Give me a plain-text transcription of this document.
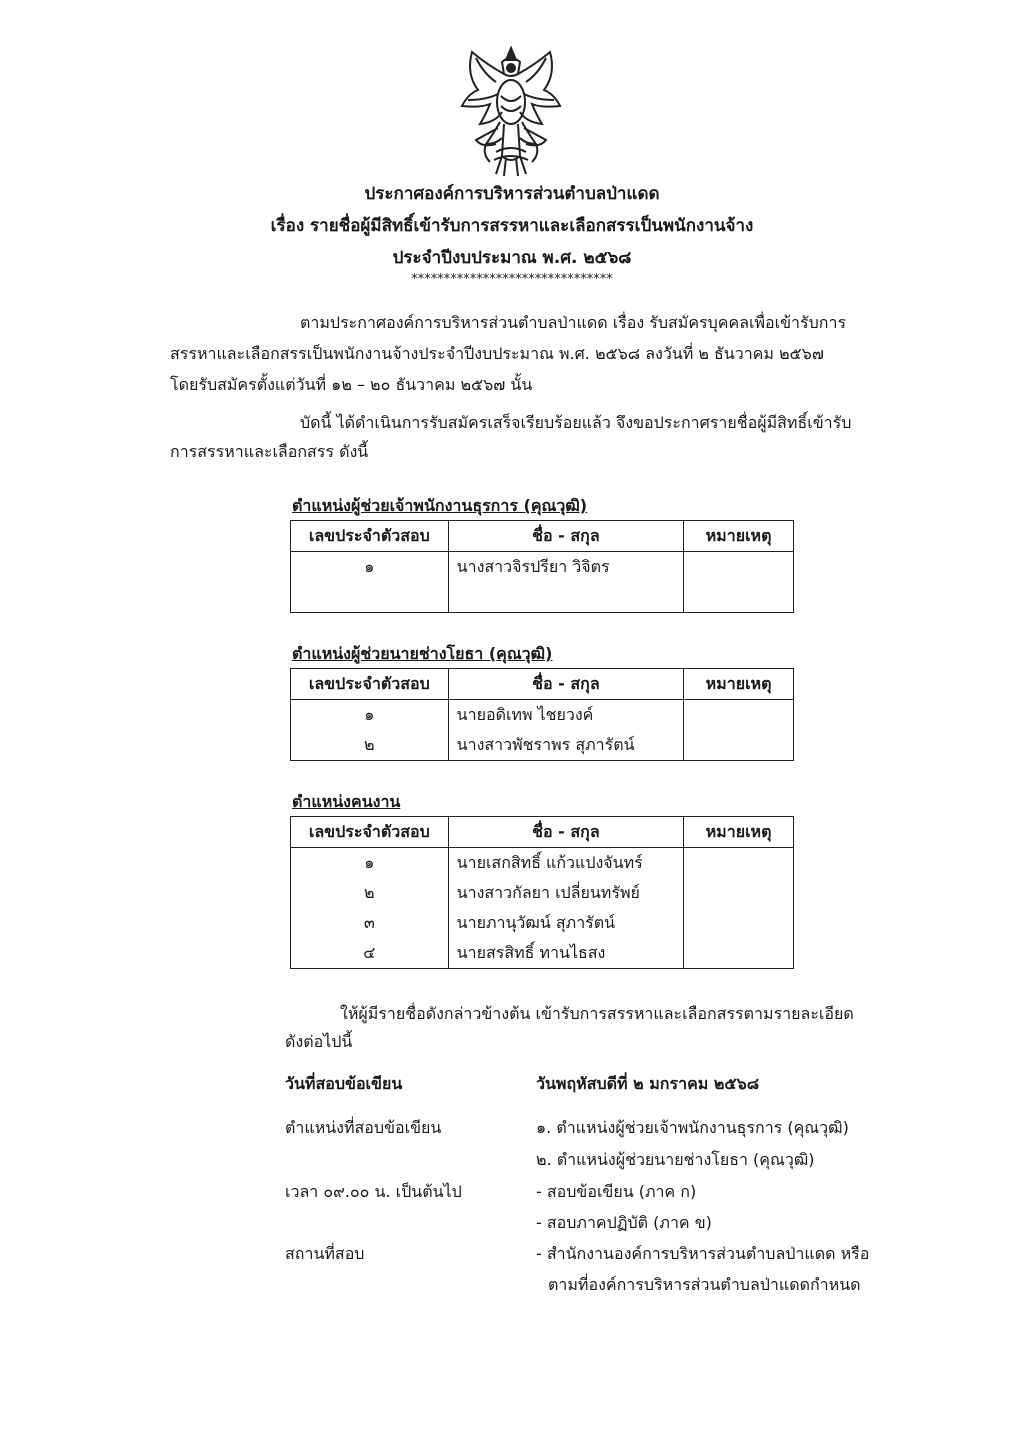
ประกาศองค์การบริหารส่วนตำบลป่าแดด
เรื่อง รายชื่อผู้มีสิทธิ์เข้ารับการสรรหาและเลือกสรรเป็นพนักงานจ้าง
ประจำปีงบประมาณ พ.ศ. ๒๕๖๘
*******************************
ตามประกาศองค์การบริหารส่วนตำบลป่าแดด เรื่อง รับสมัครบุคคลเพื่อเข้ารับการ
สรรหาและเลือกสรรเป็นพนักงานจ้างประจำปีงบประมาณ พ.ศ. ๒๕๖๘ ลงวันที่ ๒ ธันวาคม ๒๕๖๗
โดยรับสมัครตั้งแต่วันที่ ๑๒ – ๒๐ ธันวาคม ๒๕๖๗ นั้น
บัดนี้ ได้ดำเนินการรับสมัครเสร็จเรียบร้อยแล้ว จึงขอประกาศรายชื่อผู้มีสิทธิ์เข้ารับ
การสรรหาและเลือกสรร ดังนี้
ตำแหน่งผู้ช่วยเจ้าพนักงานธุรการ (คุณวุฒิ)
เลขประจำตัวสอบ	ชื่อ - สกุล	หมายเหตุ
๑	นางสาวจิรปรียา วิจิตร	

ตำแหน่งผู้ช่วยนายช่างโยธา (คุณวุฒิ)
เลขประจำตัวสอบ	ชื่อ - สกุล	หมายเหตุ
๑	นายอดิเทพ ไชยวงค์	
๒	นางสาวพัชราพร สุภารัตน์	
ตำแหน่งคนงาน
เลขประจำตัวสอบ	ชื่อ - สกุล	หมายเหตุ
๑	นายเสกสิทธิ์ แก้วแปงจันทร์	
๒	นางสาวกัลยา เปลี่ยนทรัพย์	
๓	นายภานุวัฒน์ สุภารัตน์	
๔	นายสรสิทธิ์ ทานไธสง	
ให้ผู้มีรายชื่อดังกล่าวข้างต้น เข้ารับการสรรหาและเลือกสรรตามรายละเอียด
ดังต่อไปนี้
วันที่สอบข้อเขียน	วันพฤหัสบดีที่ ๒ มกราคม ๒๕๖๘
ตำแหน่งที่สอบข้อเขียน	๑. ตำแหน่งผู้ช่วยเจ้าพนักงานธุรการ (คุณวุฒิ)
๒. ตำแหน่งผู้ช่วยนายช่างโยธา (คุณวุฒิ)
เวลา ๐๙.๐๐ น. เป็นต้นไป	- สอบข้อเขียน (ภาค ก)
- สอบภาคปฏิบัติ (ภาค ข)
สถานที่สอบ	- สำนักงานองค์การบริหารส่วนตำบลป่าแดด หรือ
ตามที่องค์การบริหารส่วนตำบลป่าแดดกำหนด
